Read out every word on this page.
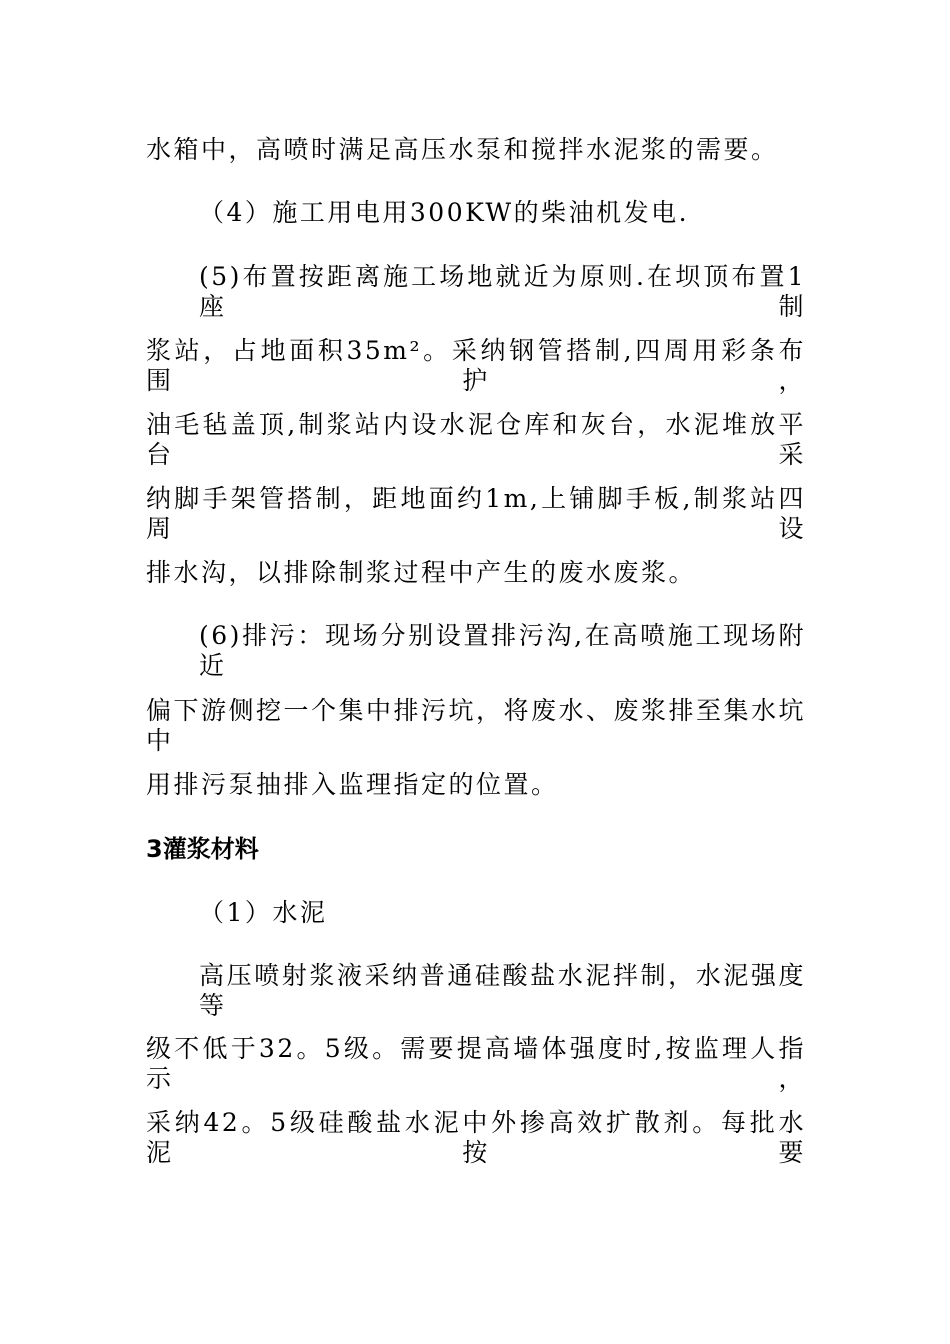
水箱中，高喷时满足高压水泵和搅拌水泥浆的需要。
（4）施工用电用300KW的柴油机发电.
(5)布置按距离施工场地就近为原则.在坝顶布置1座制
浆站，占地面积35m²。采纳钢管搭制,四周用彩条布围护，
油毛毡盖顶,制浆站内设水泥仓库和灰台，水泥堆放平台采
纳脚手架管搭制，距地面约1m,上铺脚手板,制浆站四周设
排水沟，以排除制浆过程中产生的废水废浆。
(6)排污：现场分别设置排污沟,在高喷施工现场附近
偏下游侧挖一个集中排污坑，将废水、废浆排至集水坑中
用排污泵抽排入监理指定的位置。
3灌浆材料
（1）水泥
高压喷射浆液采纳普通硅酸盐水泥拌制，水泥强度等
级不低于32。5级。需要提高墙体强度时,按监理人指示，
采纳42。5级硅酸盐水泥中外掺高效扩散剂。每批水泥按要
